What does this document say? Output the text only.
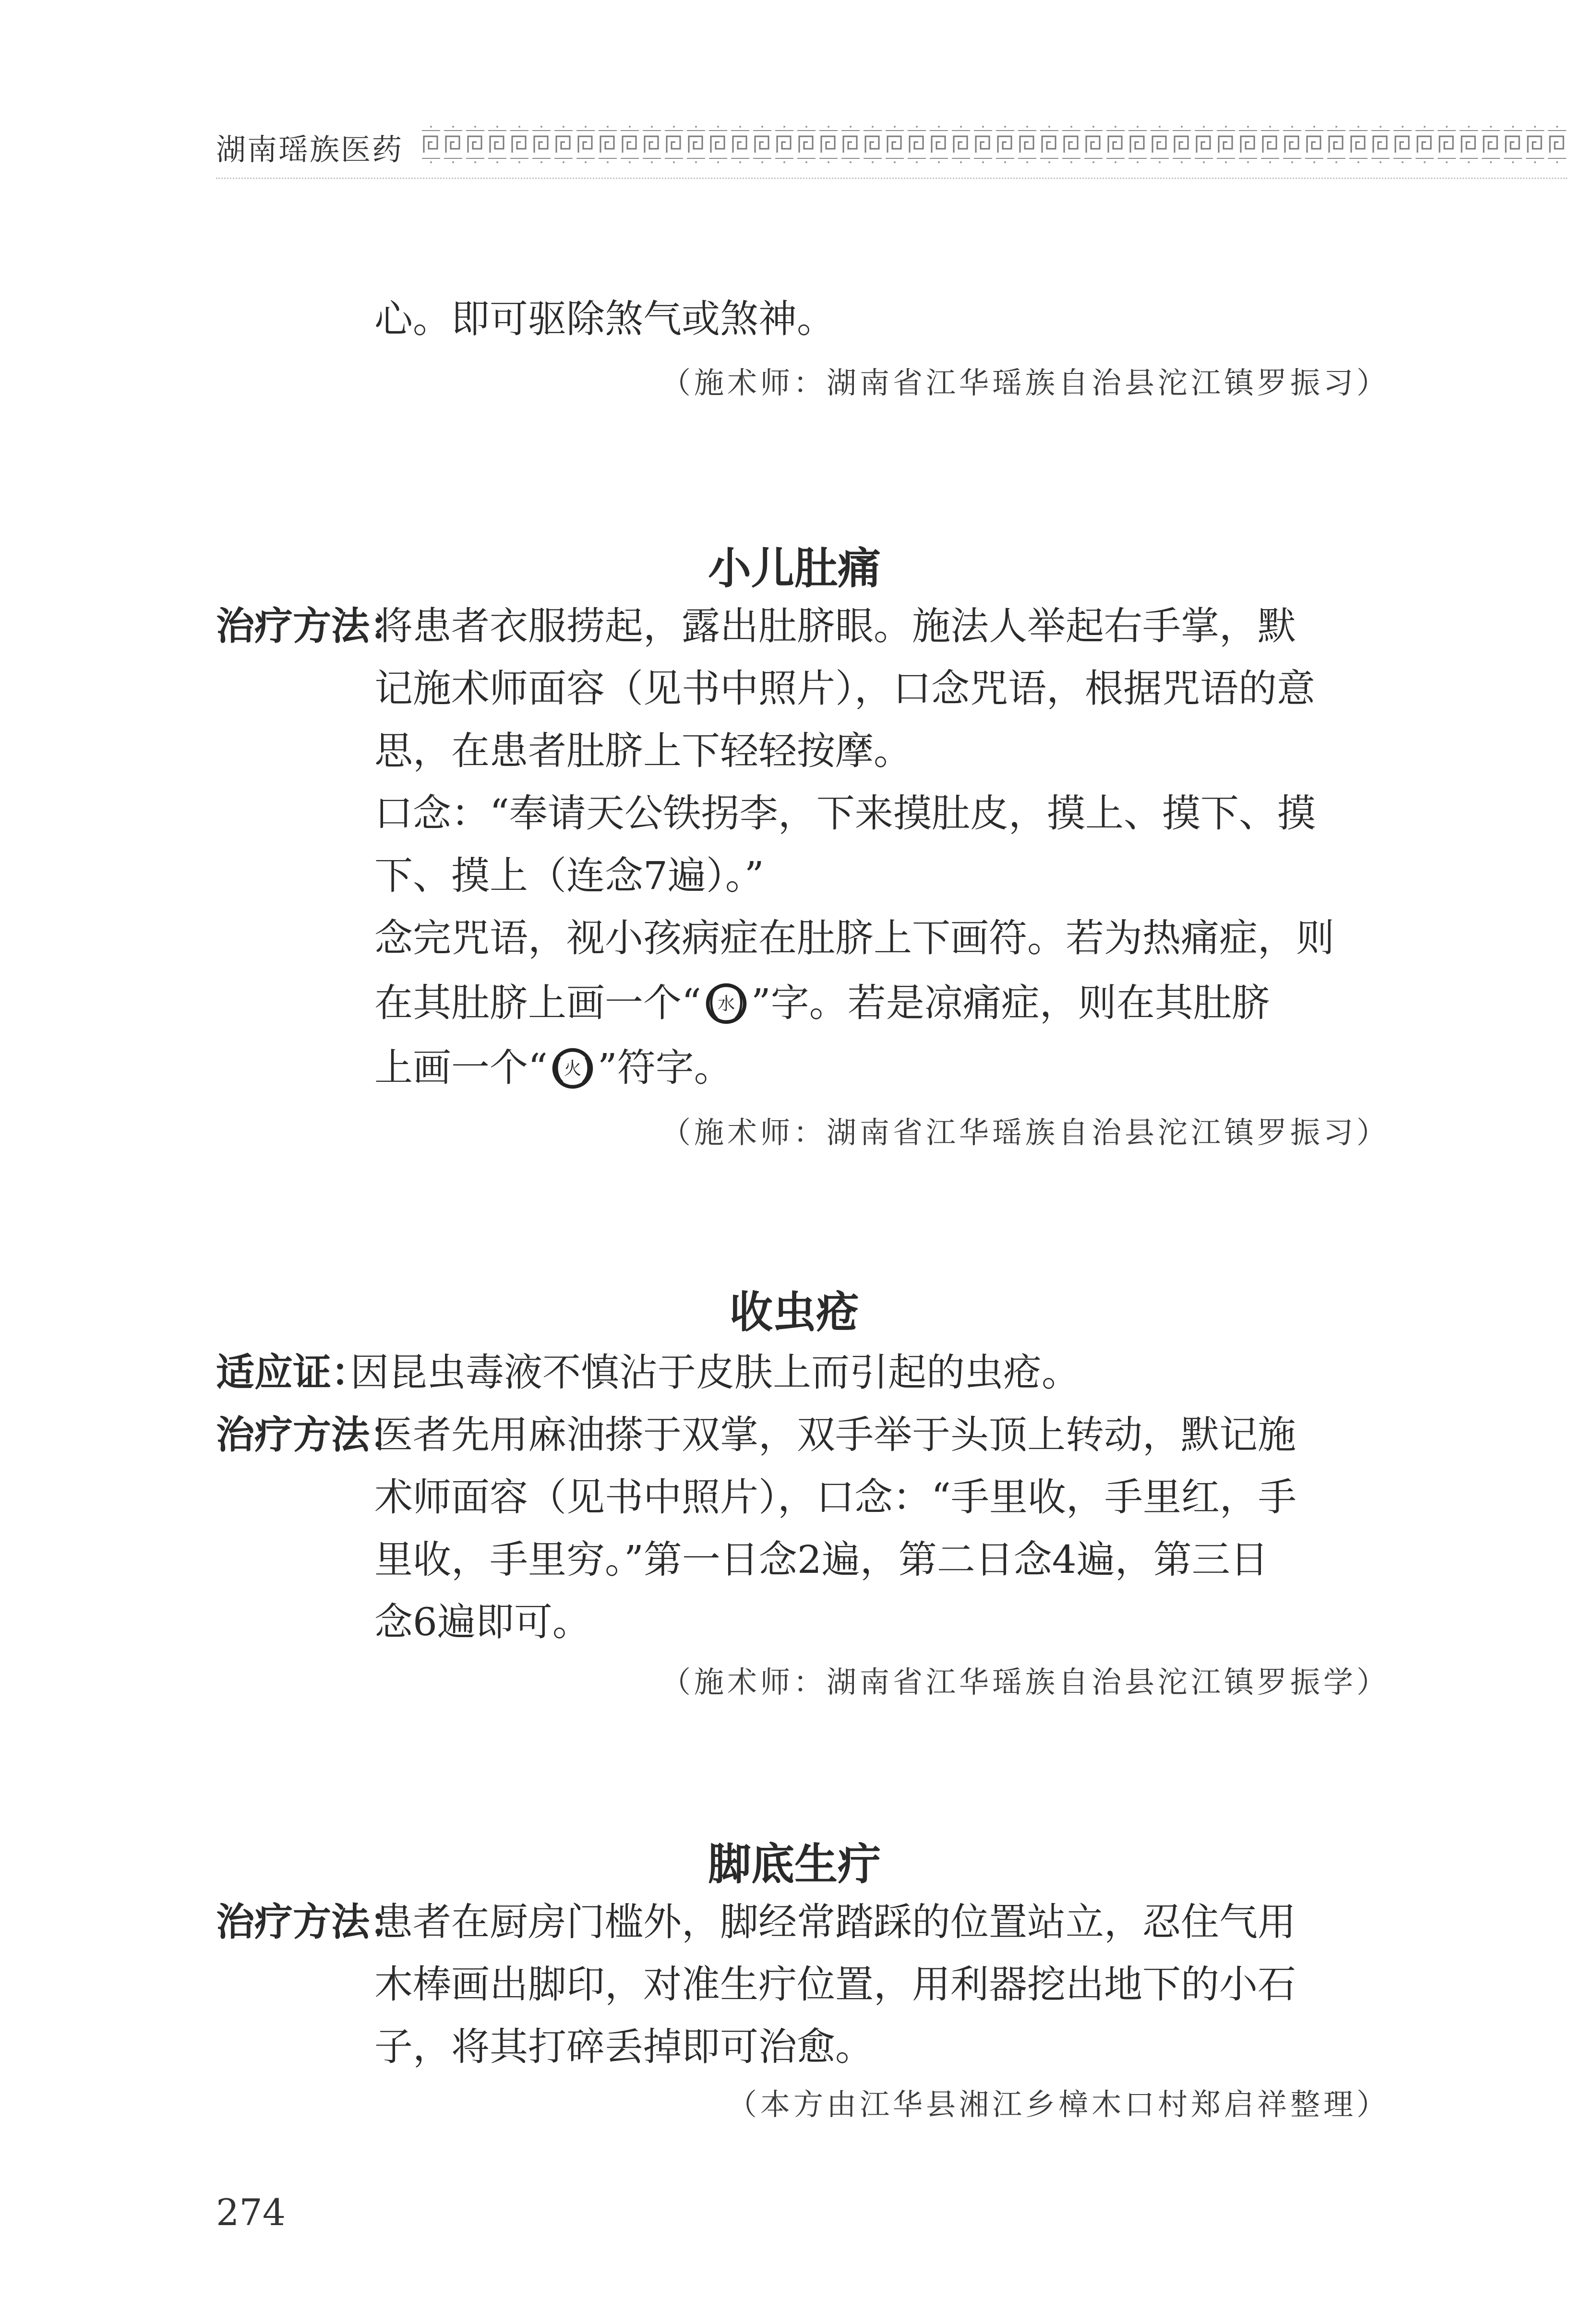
湖南瑶族医药
心。即可驱除煞气或煞神。
（施术师：湖南省江华瑶族自治县沱江镇罗振习）
小儿肚痛
治疗方法：
将患者衣服捞起，露出肚脐眼。施法人举起右手掌，默
记施术师面容（见书中照片），口念咒语，根据咒语的意
思，在患者肚脐上下轻轻按摩。
口念：“奉请天公铁拐李，下来摸肚皮，摸上、摸下、摸
下、摸上（连念7遍）。”
念完咒语，视小孩病症在肚脐上下画符。若为热痛症，则
在其肚脐上画一个“ 水 ”字。若是凉痛症，则在其肚脐
上画一个“ 火 ”符字。
（施术师：湖南省江华瑶族自治县沱江镇罗振习）
收虫疮
适应证：
因昆虫毒液不慎沾于皮肤上而引起的虫疮。
治疗方法：
医者先用麻油搽于双掌，双手举于头顶上转动，默记施
术师面容（见书中照片），口念：“手里收，手里红，手
里收，手里穷。”第一日念2遍，第二日念4遍，第三日
念6遍即可。
（施术师：湖南省江华瑶族自治县沱江镇罗振学）
脚底生疔
治疗方法：
患者在厨房门槛外，脚经常踏踩的位置站立，忍住气用
木棒画出脚印，对准生疔位置，用利器挖出地下的小石
子，将其打碎丢掉即可治愈。
（本方由江华县湘江乡樟木口村郑启祥整理）
274
